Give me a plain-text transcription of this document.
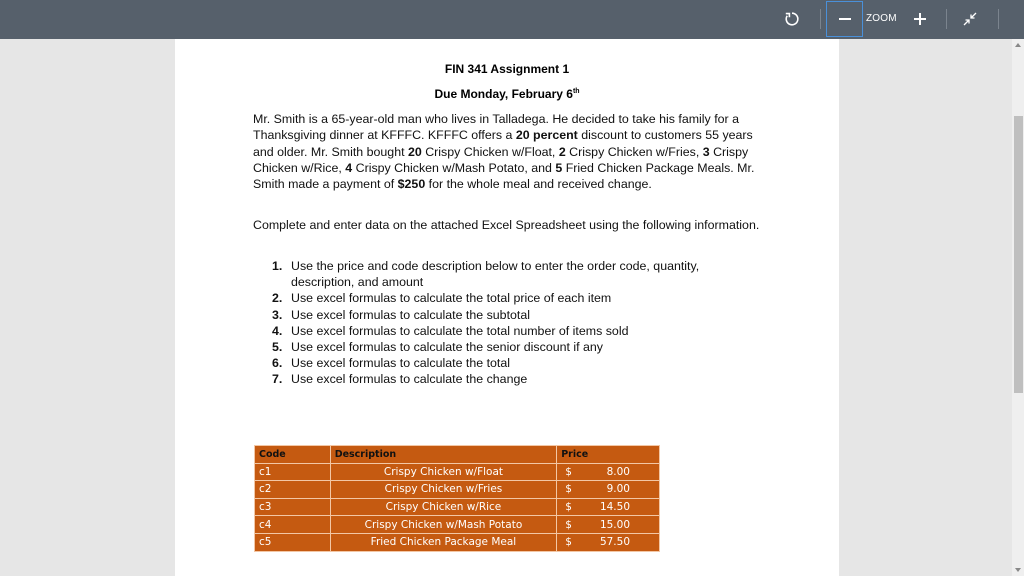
ZOOM
FIN 341 Assignment 1
Due Monday, February 6th

Mr. Smith is a 65-year-old man who lives in Talladega. He decided to take his family for a Thanksgiving dinner at KFFFC. KFFFC offers a 20 percent discount to customers 55 years and older. Mr. Smith bought 20 Crispy Chicken w/Float, 2 Crispy Chicken w/Fries, 3 Crispy Chicken w/Rice, 4 Crispy Chicken w/Mash Potato, and 5 Fried Chicken Package Meals. Mr. Smith made a payment of $250 for the whole meal and received change.

Complete and enter data on the attached Excel Spreadsheet using the following information.

1. Use the price and code description below to enter the order code, quantity, description, and amount
2. Use excel formulas to calculate the total price of each item
3. Use excel formulas to calculate the subtotal
4. Use excel formulas to calculate the total number of items sold
5. Use excel formulas to calculate the senior discount if any
6. Use excel formulas to calculate the total
7. Use excel formulas to calculate the change
Code	Description	Price
c1	Crispy Chicken w/Float	$ 8.00

c2	Crispy Chicken w/Fries	$ 9.00

c3	Crispy Chicken w/Rice	$ 14.50

c4	Crispy Chicken w/Mash Potato	$ 15.00

c5	Fried Chicken Package Meal	$ 57.50
